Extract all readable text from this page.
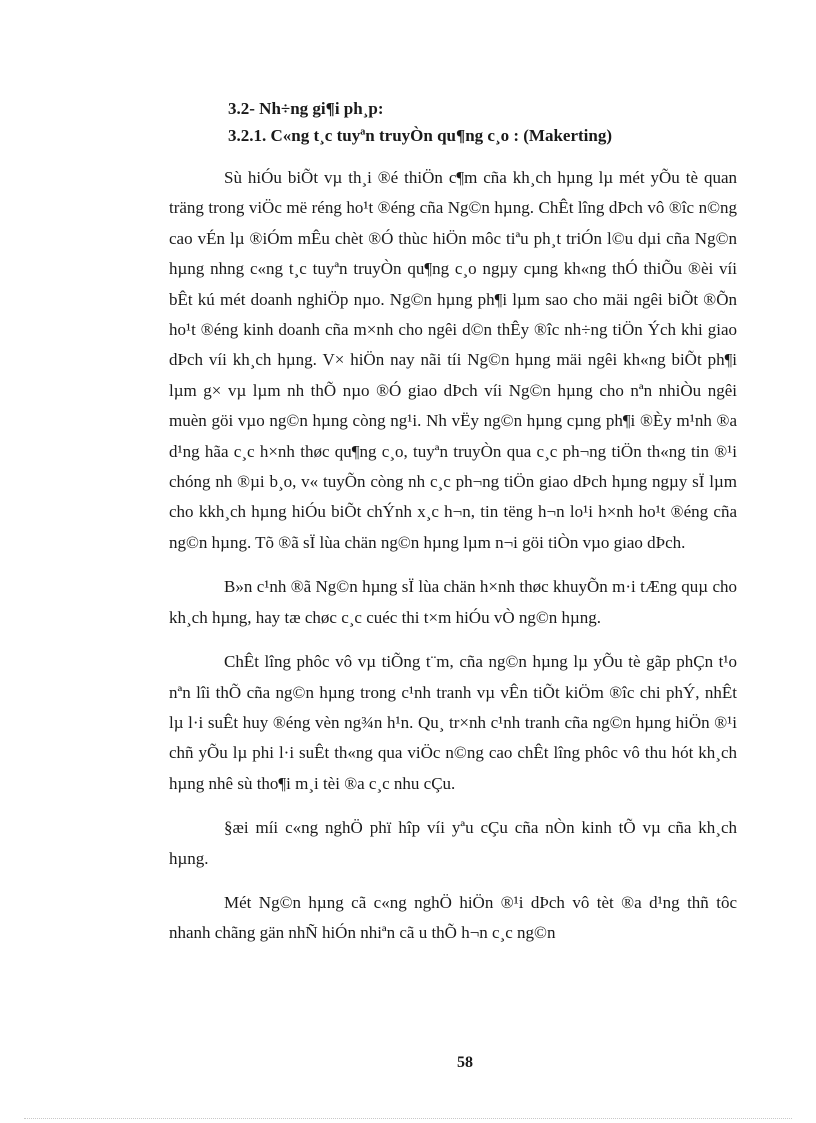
3.2- Nh÷ng gi¶i ph¸p:
3.2.1. C«ng t¸c tuyªn truyÒn qu¶ng c¸o : (Makerting)

Sù hiÓu biÕt vµ th¸i ®é thiÖn c¶m cña kh¸ch hµng lµ mét yÕu tè quan träng trong viÖc më réng ho¹t ®éng cña Ng©n hµng. ChÊt lîng dÞch vô ®îc n©ng cao vÉn lµ ®iÓm mÊu chèt ®Ó thùc hiÖn môc tiªu ph¸t triÓn l©u dµi cña Ng©n hµng nhng c«ng t¸c tuyªn truyÒn qu¶ng c¸o ngµy cµng kh«ng thÓ thiÕu ®èi víi bÊt kú mét doanh nghiÖp nµo. Ng©n hµng ph¶i lµm sao cho mäi ngêi biÕt ®Õn ho¹t ®éng kinh doanh cña m×nh cho ngêi d©n thÊy ®îc nh÷ng tiÖn Ých khi giao dÞch víi kh¸ch hµng. V× hiÖn nay nãi tíi Ng©n hµng mäi ngêi kh«ng biÕt ph¶i lµm g× vµ lµm nh thÕ nµo ®Ó giao dÞch víi Ng©n hµng cho nªn nhiÒu ngêi muèn göi vµo ng©n hµng còng ng¹i. Nh vËy ng©n hµng cµng ph¶i ®Èy m¹nh ®a d¹ng hãa c¸c h×nh thøc qu¶ng c¸o, tuyªn truyÒn qua c¸c ph¬ng tiÖn th«ng tin ®¹i chóng nh ®µi b¸o, v« tuyÕn còng nh c¸c ph¬ng tiÖn giao dÞch hµng ngµy sÏ lµm cho kkh¸ch hµng hiÓu biÕt chÝnh x¸c h¬n, tin tëng h¬n lo¹i h×nh ho¹t ®éng cña ng©n hµng. Tõ ®ã sÏ lùa chän ng©n hµng lµm n¬i göi tiÒn vµo giao dÞch.

B»n c¹nh ®ã Ng©n hµng sÏ lùa chän h×nh thøc khuyÕn m·i tÆng quµ cho kh¸ch hµng, hay tæ chøc c¸c cuéc thi t×m hiÓu vÒ ng©n hµng.

ChÊt lîng phôc vô vµ tiÕng t¨m, cña ng©n hµng lµ yÕu tè gãp phÇn t¹o nªn lîi thÕ cña ng©n hµng trong c¹nh tranh vµ vÊn tiÕt kiÖm ®îc chi phÝ, nhÊt lµ l·i suÊt huy ®éng vèn ng¾n h¹n. Qu¸ tr×nh c¹nh tranh cña ng©n hµng hiÖn ®¹i chñ yÕu lµ phi l·i suÊt th«ng qua viÖc n©ng cao chÊt lîng phôc vô thu hót kh¸ch hµng nhê sù tho¶i m¸i tèi ®a c¸c nhu cÇu.

§æi míi c«ng nghÖ phï hîp víi yªu cÇu cña nÒn kinh tÕ vµ cña kh¸ch hµng.

Mét Ng©n hµng cã c«ng nghÖ hiÖn ®¹i dÞch vô tèt ®a d¹ng thñ tôc nhanh chãng gän nhÑ hiÓn nhiªn cã u thÕ h¬n c¸c ng©n

58
